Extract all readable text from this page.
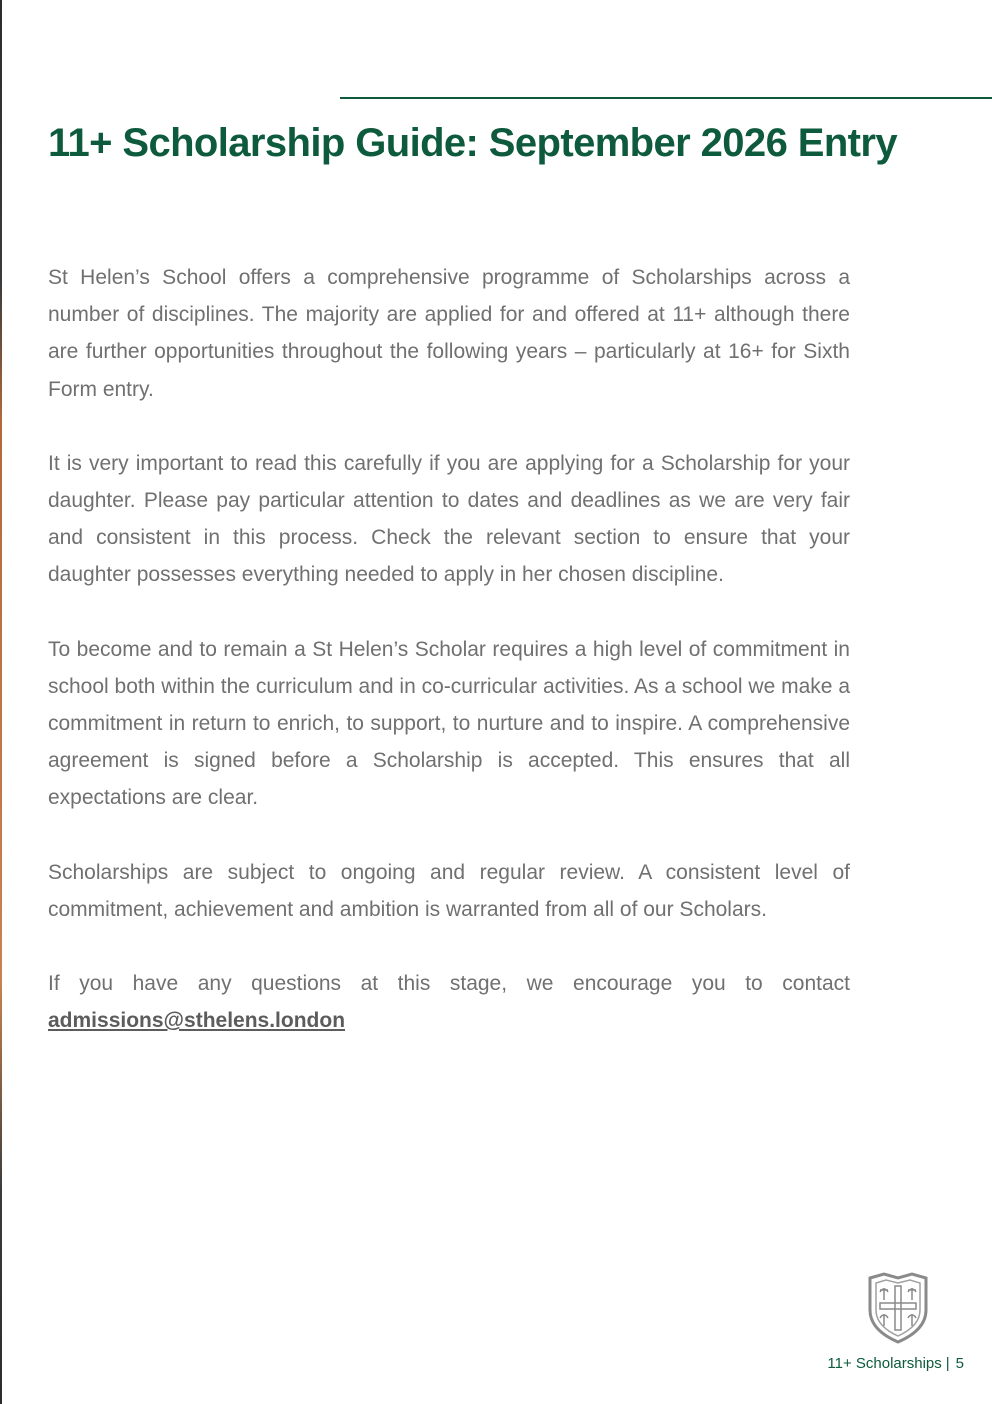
11+ Scholarship Guide: September 2026 Entry

St Helen’s School offers a comprehensive programme of Scholarships across a number of disciplines. The majority are applied for and offered at 11+ although there are further opportunities throughout the following years – particularly at 16+ for Sixth Form entry.

It is very important to read this carefully if you are applying for a Scholarship for your daughter. Please pay particular attention to dates and deadlines as we are very fair and consistent in this process. Check the relevant section to ensure that your daughter possesses everything needed to apply in her chosen discipline.

To become and to remain a St Helen’s Scholar requires a high level of commitment in school both within the curriculum and in co-curricular activities. As a school we make a commitment in return to enrich, to support, to nurture and to inspire. A comprehensive agreement is signed before a Scholarship is accepted. This ensures that all expectations are clear.

Scholarships are subject to ongoing and regular review. A consistent level of commitment, achievement and ambition is warranted from all of our Scholars.

If you have any questions at this stage, we encourage you to contact admissions@sthelens.london

11+ Scholarships | 5
